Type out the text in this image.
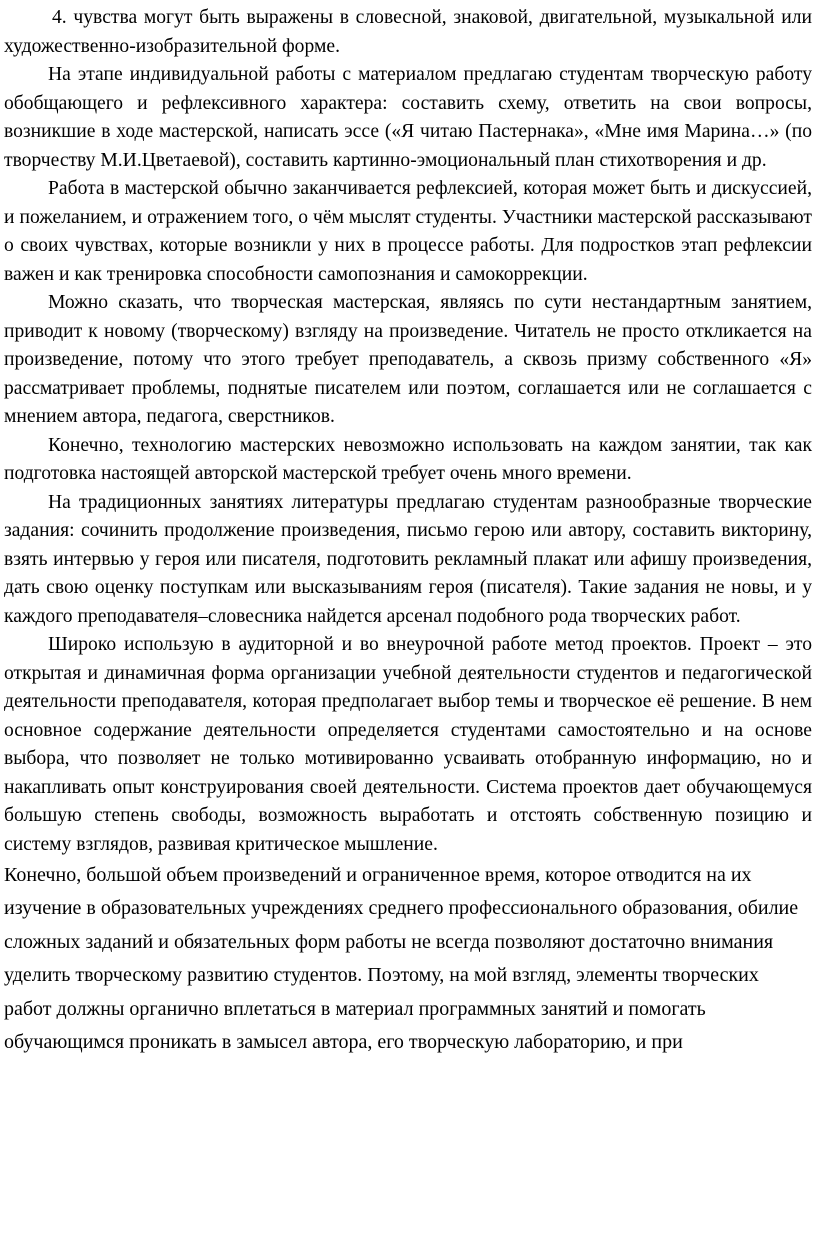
4. чувства могут быть выражены в словесной, знаковой, двигательной, музыкальной или художественно-изобразительной форме.

На этапе индивидуальной работы с материалом предлагаю студентам творческую работу обобщающего и рефлексивного характера: составить схему, ответить на свои вопросы, возникшие в ходе мастерской, написать эссе («Я читаю Пастернака», «Мне имя Марина…» (по творчеству М.И.Цветаевой), составить картинно-эмоциональный план стихотворения и др.

Работа в мастерской обычно заканчивается рефлексией, которая может быть и дискуссией, и пожеланием, и отражением того, о чём мыслят студенты. Участники мастерской рассказывают о своих чувствах, которые возникли у них в процессе работы. Для подростков этап рефлексии важен и как тренировка способности самопознания и самокоррекции.

Можно сказать, что творческая мастерская, являясь по сути нестандартным занятием, приводит к новому (творческому) взгляду на произведение. Читатель не просто откликается на произведение, потому что этого требует преподаватель, а сквозь призму собственного «Я» рассматривает проблемы, поднятые писателем или поэтом, соглашается или не соглашается с мнением автора, педагога, сверстников.

Конечно, технологию мастерских невозможно использовать на каждом занятии, так как подготовка настоящей авторской мастерской требует очень много времени.

На традиционных занятиях литературы предлагаю студентам разнообразные творческие задания: сочинить продолжение произведения, письмо герою или автору, составить викторину, взять интервью у героя или писателя, подготовить рекламный плакат или афишу произведения, дать свою оценку поступкам или высказываниям героя (писателя). Такие задания не новы, и у каждого преподавателя–словесника найдется арсенал подобного рода творческих работ.

Широко использую в аудиторной и во внеурочной работе метод проектов. Проект – это открытая и динамичная форма организации учебной деятельности студентов и педагогической деятельности преподавателя, которая предполагает выбор темы и творческое её решение. В нем основное содержание деятельности определяется студентами самостоятельно и на основе выбора, что позволяет не только мотивированно усваивать отобранную информацию, но и накапливать опыт конструирования своей деятельности. Система проектов дает обучающемуся большую степень свободы, возможность выработать и отстоять собственную позицию и систему взглядов, развивая критическое мышление.

Конечно, большой объем произведений и ограниченное время, которое отводится на их изучение в образовательных учреждениях среднего профессионального образования, обилие сложных заданий и обязательных форм работы не всегда позволяют достаточно внимания уделить творческому развитию студентов. Поэтому, на мой взгляд, элементы творческих работ должны органично вплетаться в материал программных занятий и помогать обучающимся проникать в замысел автора, его творческую лабораторию, и при
